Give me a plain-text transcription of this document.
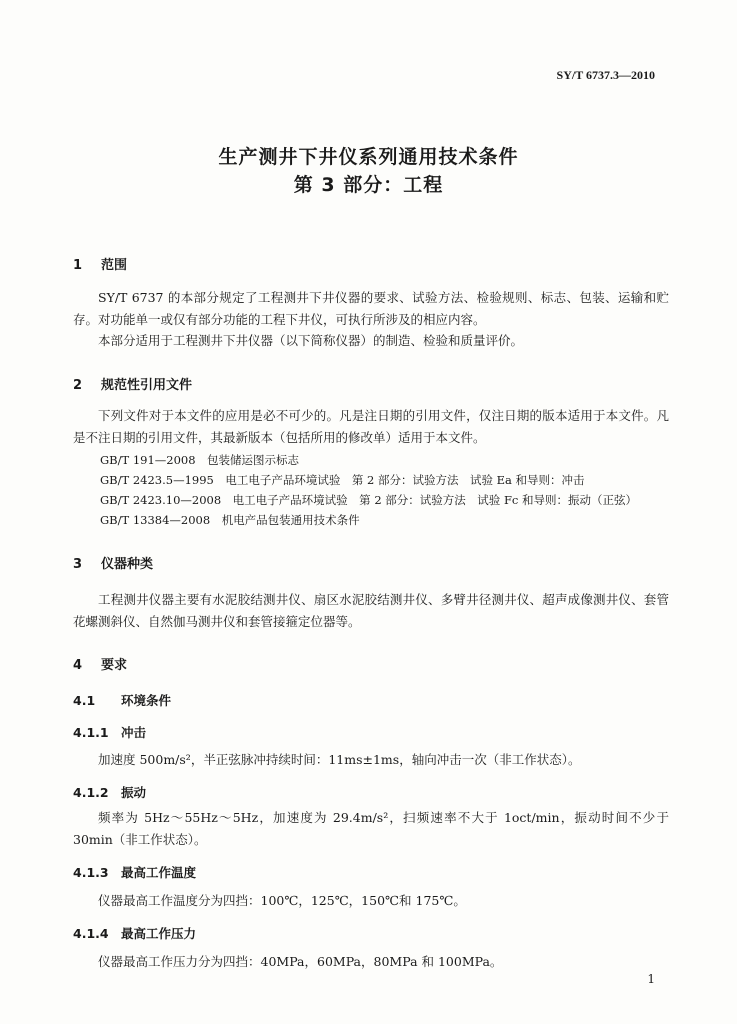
SY/T 6737.3—2010
生产测井下井仪系列通用技术条件
第 3 部分：工程
1 范围
SY/T 6737 的本部分规定了工程测井下井仪器的要求、试验方法、检验规则、标志、包装、运输和贮存。对功能单一或仅有部分功能的工程下井仪，可执行所涉及的相应内容。
本部分适用于工程测井下井仪器（以下简称仪器）的制造、检验和质量评价。
2 规范性引用文件
下列文件对于本文件的应用是必不可少的。凡是注日期的引用文件，仅注日期的版本适用于本文件。凡是不注日期的引用文件，其最新版本（包括所用的修改单）适用于本文件。
GB/T 191—2008　包装储运图示标志
GB/T 2423.5—1995　电工电子产品环境试验　第 2 部分：试验方法　试验 Ea 和导则：冲击
GB/T 2423.10—2008　电工电子产品环境试验　第 2 部分：试验方法　试验 Fc 和导则：振动（正弦）
GB/T 13384—2008　机电产品包装通用技术条件
3 仪器种类
工程测井仪器主要有水泥胶结测井仪、扇区水泥胶结测井仪、多臂井径测井仪、超声成像测井仪、套管花螺测斜仪、自然伽马测井仪和套管接箍定位器等。
4 要求
4.1 环境条件
4.1.1 冲击
加速度 500m/s²，半正弦脉冲持续时间：11ms±1ms，轴向冲击一次（非工作状态）。
4.1.2 振动
频率为 5Hz～55Hz～5Hz，加速度为 29.4m/s²，扫频速率不大于 1oct/min，振动时间不少于 30min（非工作状态）。
4.1.3 最高工作温度
仪器最高工作温度分为四挡：100℃，125℃，150℃和 175℃。
4.1.4 最高工作压力
仪器最高工作压力分为四挡：40MPa，60MPa，80MPa 和 100MPa。
1
